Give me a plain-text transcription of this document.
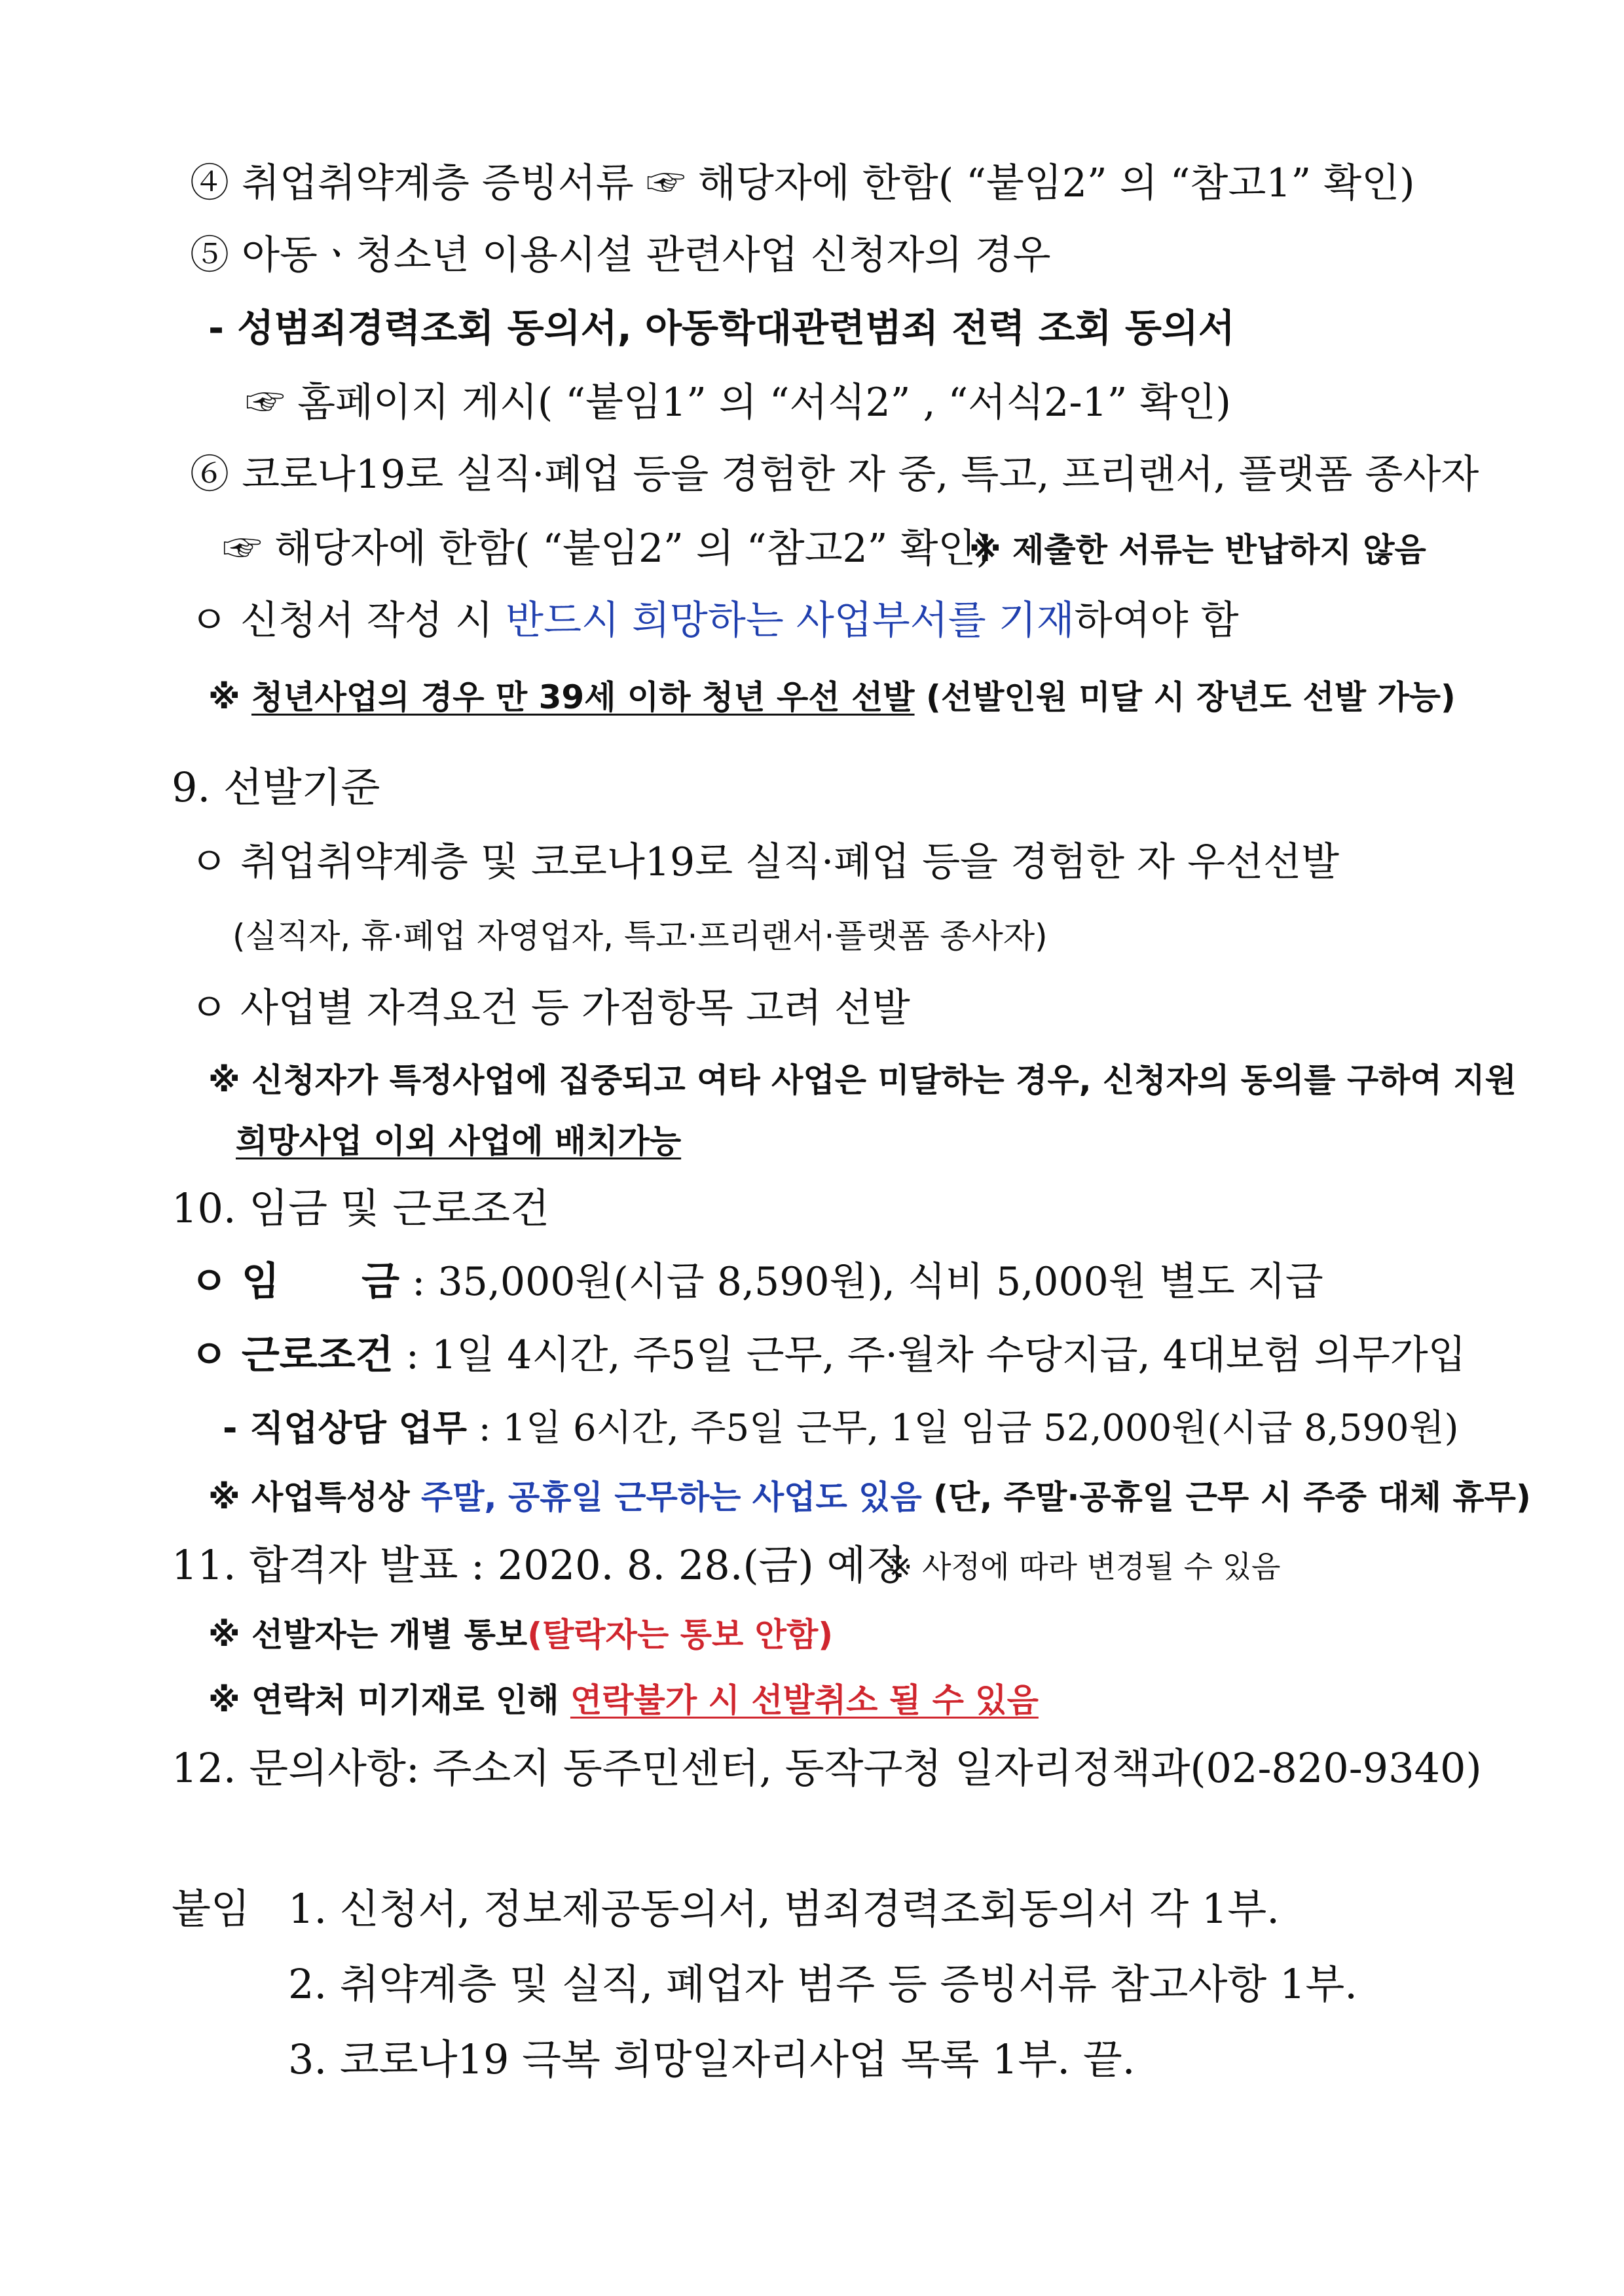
④ 취업취약계층 증빙서류 ☞ 해당자에 한함( “붙임2” 의 “참고1” 확인)
⑤ 아동ㆍ청소년 이용시설 관련사업 신청자의 경우
- 성범죄경력조회 동의서, 아동학대관련범죄 전력 조회 동의서
☞ 홈페이지 게시( “붙임1” 의 “서식2” , “서식2-1” 확인)
⑥ 코로나19로 실직·폐업 등을 경험한 자 중, 특고, 프리랜서, 플랫폼 종사자
☞ 해당자에 한함( “붙임2” 의 “참고2” 확인)
※ 제출한 서류는 반납하지 않음
ㅇ 신청서 작성 시 반드시 희망하는 사업부서를 기재하여야 함
※ 청년사업의 경우 만 39세 이하 청년 우선 선발 (선발인원 미달 시 장년도 선발 가능)
9. 선발기준
ㅇ 취업취약계층 및 코로나19로 실직·폐업 등을 경험한 자 우선선발
(실직자, 휴·폐업 자영업자, 특고·프리랜서·플랫폼 종사자)
ㅇ 사업별 자격요건 등 가점항목 고려 선발
※ 신청자가 특정사업에 집중되고 여타 사업은 미달하는 경우, 신청자의 동의를 구하여 지원
희망사업 이외 사업에 배치가능
10. 임금 및 근로조건
ㅇ 임      금 : 35,000원(시급 8,590원), 식비 5,000원 별도 지급
ㅇ 근로조건 : 1일 4시간, 주5일 근무, 주·월차 수당지급, 4대보험 의무가입
- 직업상담 업무 : 1일 6시간, 주5일 근무, 1일 임금 52,000원(시급 8,590원)
※ 사업특성상 주말, 공휴일 근무하는 사업도 있음 (단, 주말·공휴일 근무 시 주중 대체 휴무)
11. 합격자 발표 : 2020. 8. 28.(금) 예정
※ 사정에 따라 변경될 수 있음
※ 선발자는 개별 통보(탈락자는 통보 안함)
※ 연락처 미기재로 인해 연락불가 시 선발취소 될 수 있음
12. 문의사항: 주소지 동주민센터, 동작구청 일자리정책과(02-820-9340)
붙임 1. 신청서, 정보제공동의서, 범죄경력조회동의서 각 1부.
2. 취약계층 및 실직, 폐업자 범주 등 증빙서류 참고사항 1부.
3. 코로나19 극복 희망일자리사업 목록 1부. 끝.
